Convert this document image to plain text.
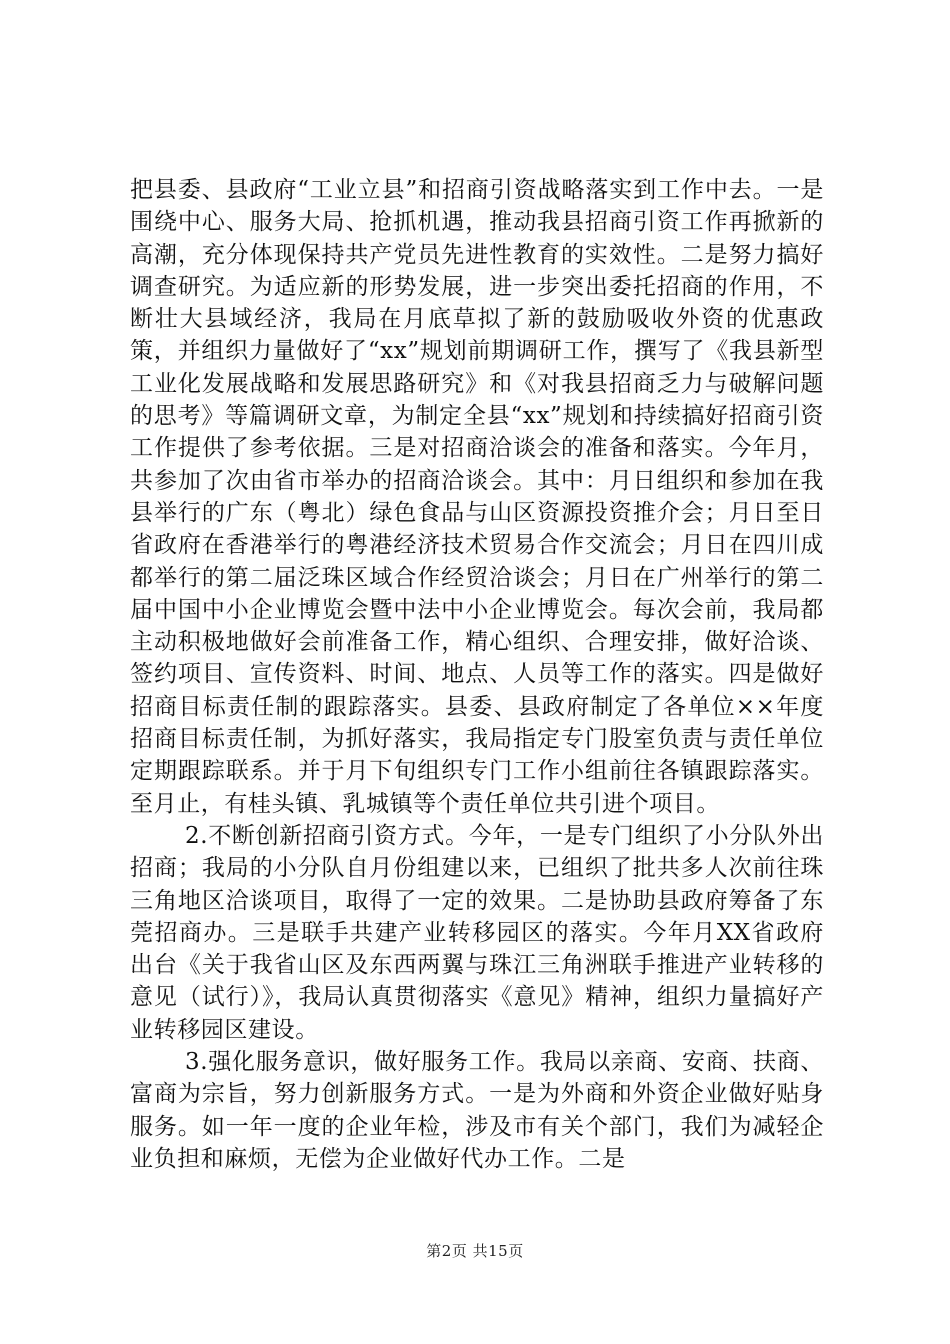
把县委、县政府“工业立县”和招商引资战略落实到工作中去。一是围绕中心、服务大局、抢抓机遇，推动我县招商引资工作再掀新的高潮，充分体现保持共产党员先进性教育的实效性。二是努力搞好调查研究。为适应新的形势发展，进一步突出委托招商的作用，不断壮大县域经济，我局在月底草拟了新的鼓励吸收外资的优惠政策，并组织力量做好了“xx”规划前期调研工作，撰写了《我县新型工业化发展战略和发展思路研究》和《对我县招商乏力与破解问题的思考》等篇调研文章，为制定全县“xx”规划和持续搞好招商引资工作提供了参考依据。三是对招商洽谈会的准备和落实。今年月，共参加了次由省市举办的招商洽谈会。其中：月日组织和参加在我县举行的广东（粤北）绿色食品与山区资源投资推介会；月日至日省政府在香港举行的粤港经济技术贸易合作交流会；月日在四川成都举行的第二届泛珠区域合作经贸洽谈会；月日在广州举行的第二届中国中小企业博览会暨中法中小企业博览会。每次会前，我局都主动积极地做好会前准备工作，精心组织、合理安排，做好洽谈、签约项目、宣传资料、时间、地点、人员等工作的落实。四是做好招商目标责任制的跟踪落实。县委、县政府制定了各单位××年度招商目标责任制，为抓好落实，我局指定专门股室负责与责任单位定期跟踪联系。并于月下旬组织专门工作小组前往各镇跟踪落实。至月止，有桂头镇、乳城镇等个责任单位共引进个项目。

2.不断创新招商引资方式。今年，一是专门组织了小分队外出招商；我局的小分队自月份组建以来，已组织了批共多人次前往珠三角地区洽谈项目，取得了一定的效果。二是协助县政府筹备了东莞招商办。三是联手共建产业转移园区的落实。今年月XX省政府出台《关于我省山区及东西两翼与珠江三角洲联手推进产业转移的意见（试行）》，我局认真贯彻落实《意见》精神，组织力量搞好产业转移园区建设。

3.强化服务意识，做好服务工作。我局以亲商、安商、扶商、富商为宗旨，努力创新服务方式。一是为外商和外资企业做好贴身服务。如一年一度的企业年检，涉及市有关个部门，我们为减轻企业负担和麻烦，无偿为企业做好代办工作。二是

第2页 共15页
